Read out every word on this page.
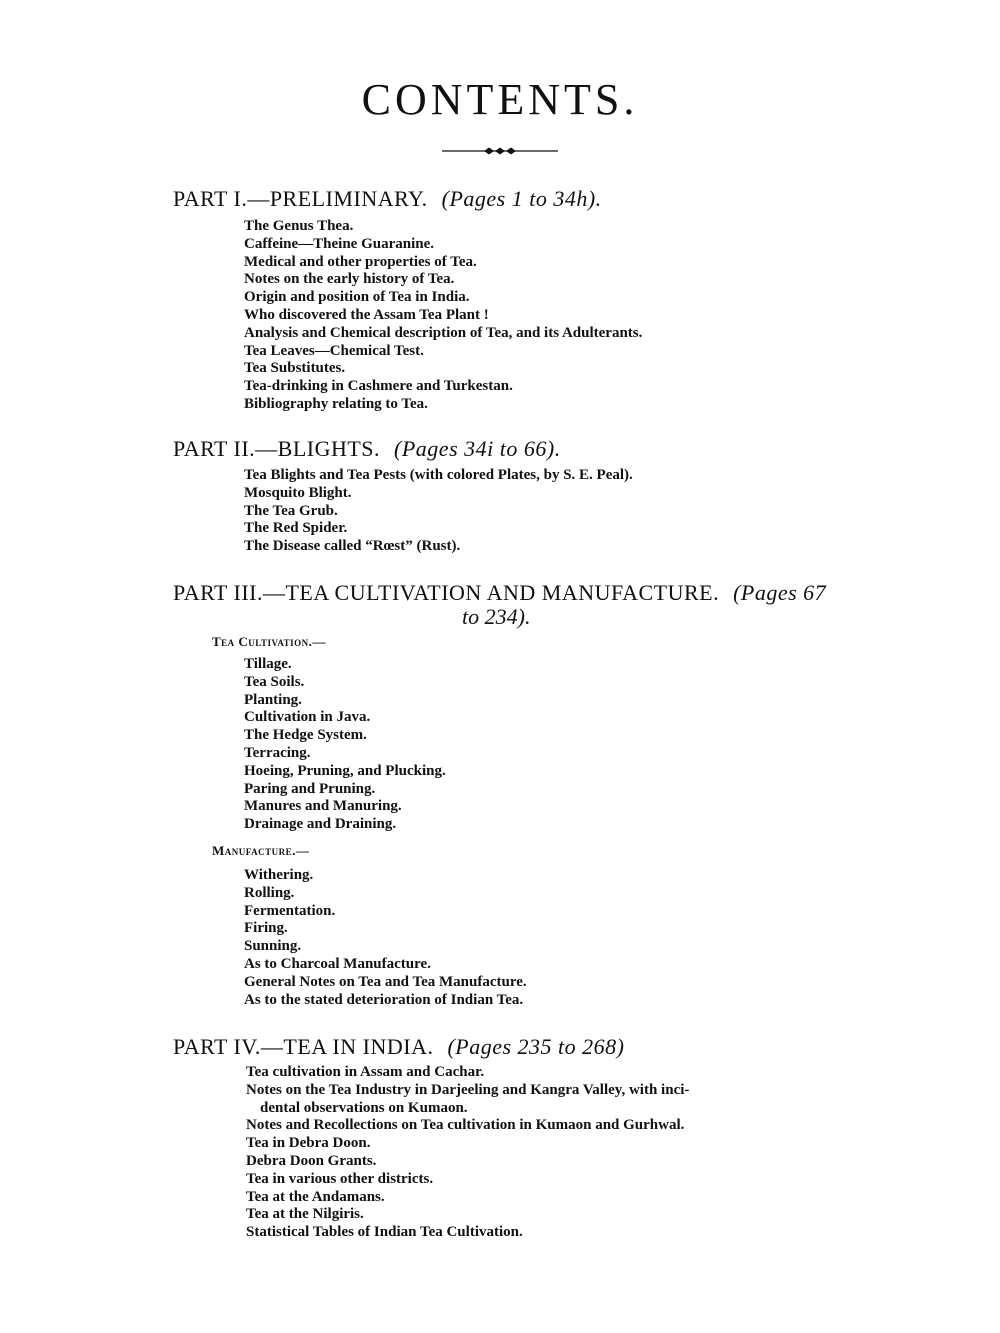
CONTENTS.
PART I.—PRELIMINARY. (Pages 1 to 34h).
The Genus Thea.
Caffeine—Theine Guaranine.
Medical and other properties of Tea.
Notes on the early history of Tea.
Origin and position of Tea in India.
Who discovered the Assam Tea Plant !
Analysis and Chemical description of Tea, and its Adulterants.
Tea Leaves—Chemical Test.
Tea Substitutes.
Tea-drinking in Cashmere and Turkestan.
Bibliography relating to Tea.
PART II.—BLIGHTS. (Pages 34i to 66).
Tea Blights and Tea Pests (with colored Plates, by S. E. Peal).
Mosquito Blight.
The Tea Grub.
The Red Spider.
The Disease called “Rœst” (Rust).
PART III.—TEA CULTIVATION AND MANUFACTURE. (Pages 67
to 234).
Tea Cultivation.—
Tillage.
Tea Soils.
Planting.
Cultivation in Java.
The Hedge System.
Terracing.
Hoeing, Pruning, and Plucking.
Paring and Pruning.
Manures and Manuring.
Drainage and Draining.
Manufacture.—
Withering.
Rolling.
Fermentation.
Firing.
Sunning.
As to Charcoal Manufacture.
General Notes on Tea and Tea Manufacture.
As to the stated deterioration of Indian Tea.
PART IV.—TEA IN INDIA. (Pages 235 to 268)
Tea cultivation in Assam and Cachar.
Notes on the Tea Industry in Darjeeling and Kangra Valley, with inci-
dental observations on Kumaon.
Notes and Recollections on Tea cultivation in Kumaon and Gurhwal.
Tea in Debra Doon.
Debra Doon Grants.
Tea in various other districts.
Tea at the Andamans.
Tea at the Nilgiris.
Statistical Tables of Indian Tea Cultivation.
